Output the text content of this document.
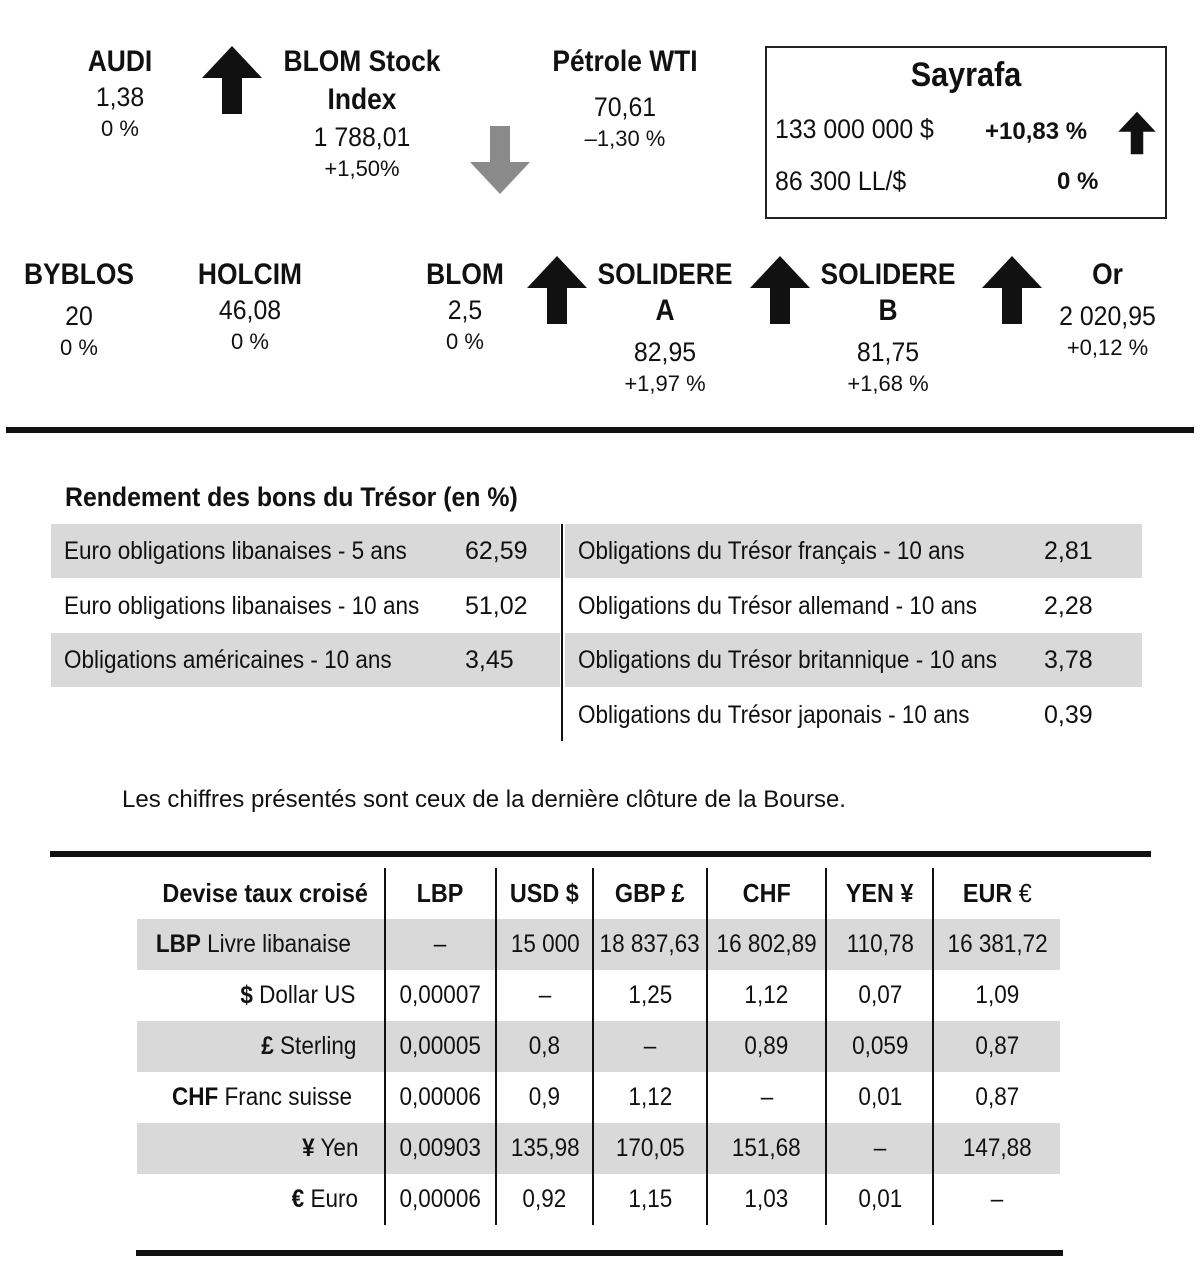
AUDI
1,38
0 %
BLOM Stock
Index
1 788,01
+1,50%
Pétrole WTI
70,61
–1,30 %
Sayrafa
133 000 000 $ +10,83 %
86 300 LL/$	0 %
BYBLOS
20
0 %
HOLCIM
46,08
0 %
BLOM
2,5
0 %
SOLIDERE A
82,95
+1,97 %
SOLIDERE B
81,75
+1,68 %
Or
2 020,95
+0,12 %
Rendement des bons du Trésor (en %)
Euro obligations libanaises - 5 ans 62,59
Euro obligations libanaises - 10 ans 51,02
Obligations américaines - 10 ans	3,45
Obligations du Trésor français - 10 ans	2,81
Obligations du Trésor allemand - 10 ans	2,28
Obligations du Trésor britannique - 10 ans 3,78
Obligations du Trésor japonais - 10 ans	0,39
Les chiffres présentés sont ceux de la dernière clôture de la Bourse.
Devise taux croisé	LBP	USD $	GBP £	CHF	YEN ¥	EUR €
LBP Livre libanaise	–	15 000	18 837,63	16 802,89	110,78	16 381,72
$ Dollar US	0,00007	–	1,25	1,12	0,07	1,09
£ Sterling	0,00005	0,8	–	0,89	0,059	0,87
CHF Franc suisse	0,00006	0,9	1,12	–	0,01	0,87
¥ Yen	0,00903	135,98	170,05	151,68	–	147,88
€ Euro	0,00006	0,92	1,15	1,03	0,01	–
